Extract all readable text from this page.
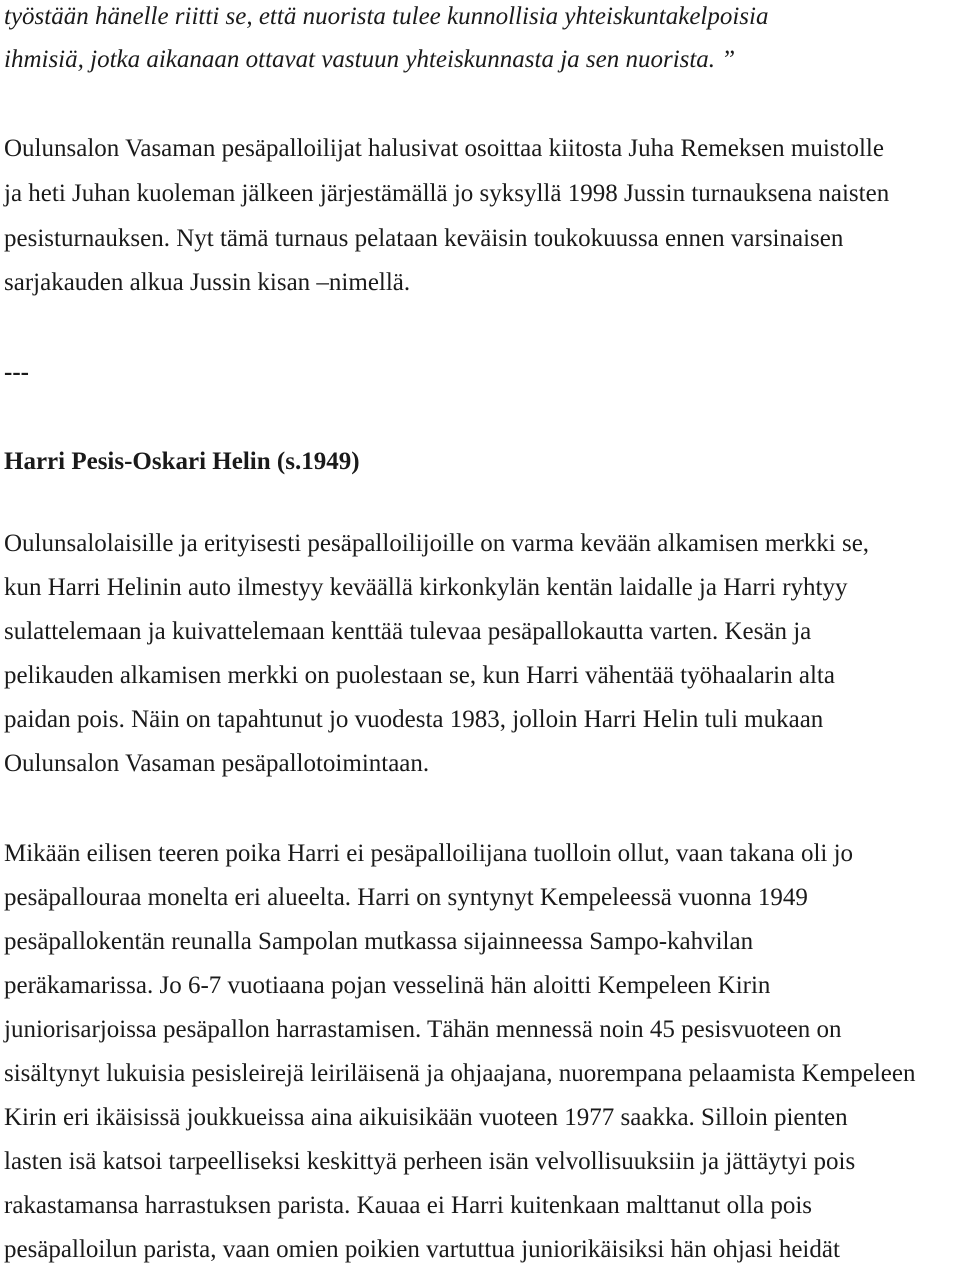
työstään hänelle riitti se, että nuorista tulee kunnollisia yhteiskuntakelpoisia
ihmisiä, jotka aikanaan ottavat vastuun yhteiskunnasta ja sen nuorista. ”
Oulunsalon Vasaman pesäpalloilijat halusivat osoittaa kiitosta Juha Remeksen muistolle
ja heti Juhan kuoleman jälkeen järjestämällä jo syksyllä 1998 Jussin turnauksena naisten
pesisturnauksen. Nyt tämä turnaus pelataan keväisin toukokuussa ennen varsinaisen
sarjakauden alkua Jussin kisan –nimellä.
---
Harri Pesis-Oskari Helin (s.1949)
Oulunsalolaisille ja erityisesti pesäpalloilijoille on varma kevään alkamisen merkki se,
kun Harri Helinin auto ilmestyy keväällä kirkonkylän kentän laidalle ja Harri ryhtyy
sulattelemaan ja kuivattelemaan kenttää tulevaa pesäpallokautta varten. Kesän ja
pelikauden alkamisen merkki on puolestaan se, kun Harri vähentää työhaalarin alta
paidan pois. Näin on tapahtunut jo vuodesta 1983, jolloin Harri Helin tuli mukaan
Oulunsalon Vasaman pesäpallotoimintaan.
Mikään eilisen teeren poika Harri ei pesäpalloilijana tuolloin ollut, vaan takana oli jo
pesäpallouraa monelta eri alueelta. Harri on syntynyt Kempeleessä vuonna 1949
pesäpallokentän reunalla Sampolan mutkassa sijainneessa Sampo-kahvilan
peräkamarissa. Jo 6-7 vuotiaana pojan vesselinä hän aloitti Kempeleen Kirin
juniorisarjoissa pesäpallon harrastamisen. Tähän mennessä noin 45 pesisvuoteen on
sisältynyt lukuisia pesisleirejä leiriläisenä ja ohjaajana, nuorempana pelaamista Kempeleen
Kirin eri ikäisissä joukkueissa aina aikuisikään vuoteen 1977 saakka. Silloin pienten
lasten isä katsoi tarpeelliseksi keskittyä perheen isän velvollisuuksiin ja jättäytyi pois
rakastamansa harrastuksen parista. Kauaa ei Harri kuitenkaan malttanut olla pois
pesäpalloilun parista, vaan omien poikien vartuttua juniorikäisiksi hän ohjasi heidät
